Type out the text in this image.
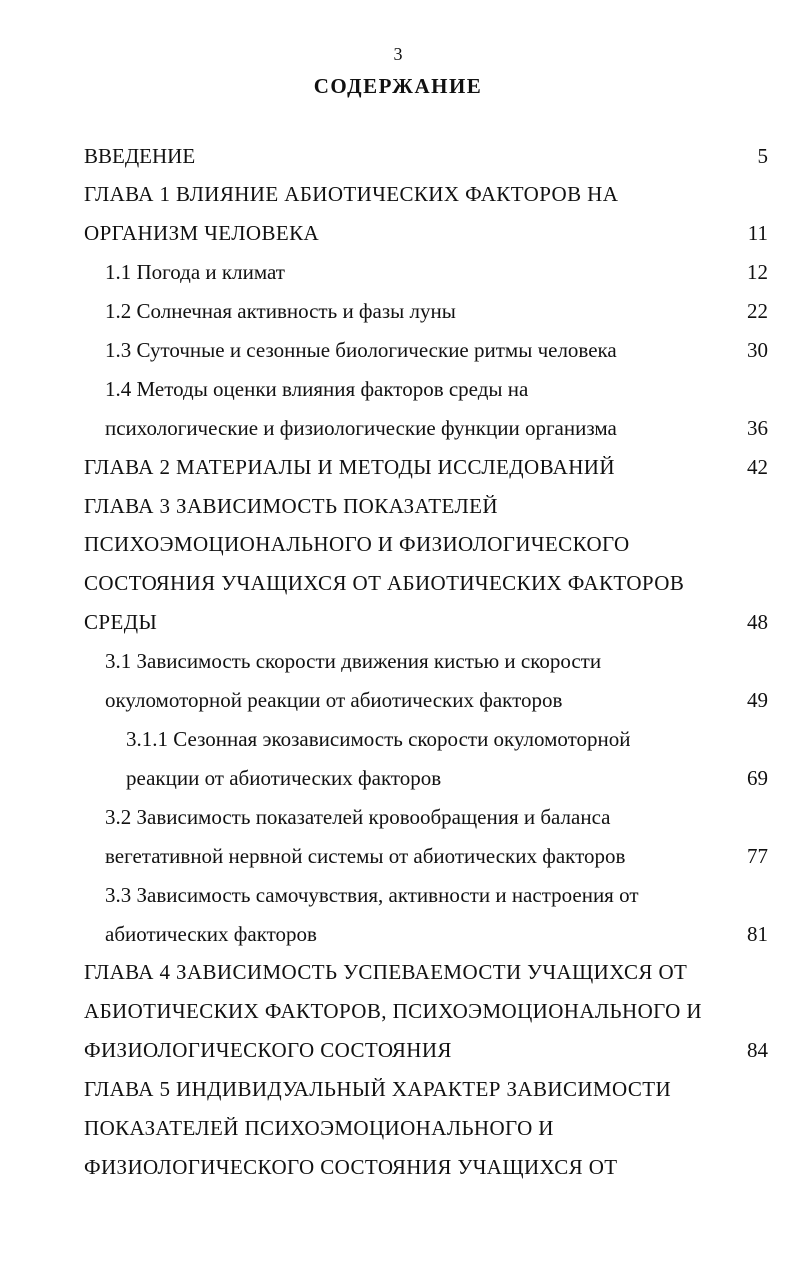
3
СОДЕРЖАНИЕ
ВВЕДЕНИЕ	5
ГЛАВА 1 ВЛИЯНИЕ АБИОТИЧЕСКИХ ФАКТОРОВ НА
ОРГАНИЗМ ЧЕЛОВЕКА	11
1.1 Погода и климат	12
1.2 Солнечная активность и фазы луны	22
1.3 Суточные и сезонные биологические ритмы человека	30
1.4 Методы оценки влияния факторов среды на
психологические и физиологические функции организма	36
ГЛАВА 2 МАТЕРИАЛЫ И МЕТОДЫ ИССЛЕДОВАНИЙ	42
ГЛАВА 3 ЗАВИСИМОСТЬ ПОКАЗАТЕЛЕЙ
ПСИХОЭМОЦИОНАЛЬНОГО И ФИЗИОЛОГИЧЕСКОГО
СОСТОЯНИЯ УЧАЩИХСЯ ОТ АБИОТИЧЕСКИХ ФАКТОРОВ
СРЕДЫ	48
3.1 Зависимость скорости движения кистью и скорости
окуломоторной реакции от абиотических факторов	49
3.1.1 Сезонная экозависимость скорости окуломоторной
реакции от абиотических факторов	69
3.2 Зависимость показателей кровообращения и баланса
вегетативной нервной системы от абиотических факторов	77
3.3 Зависимость самочувствия, активности и настроения от
абиотических факторов	81
ГЛАВА 4 ЗАВИСИМОСТЬ УСПЕВАЕМОСТИ УЧАЩИХСЯ ОТ
АБИОТИЧЕСКИХ ФАКТОРОВ, ПСИХОЭМОЦИОНАЛЬНОГО И
ФИЗИОЛОГИЧЕСКОГО СОСТОЯНИЯ	84
ГЛАВА 5 ИНДИВИДУАЛЬНЫЙ ХАРАКТЕР ЗАВИСИМОСТИ
ПОКАЗАТЕЛЕЙ ПСИХОЭМОЦИОНАЛЬНОГО И
ФИЗИОЛОГИЧЕСКОГО СОСТОЯНИЯ УЧАЩИХСЯ ОТ
